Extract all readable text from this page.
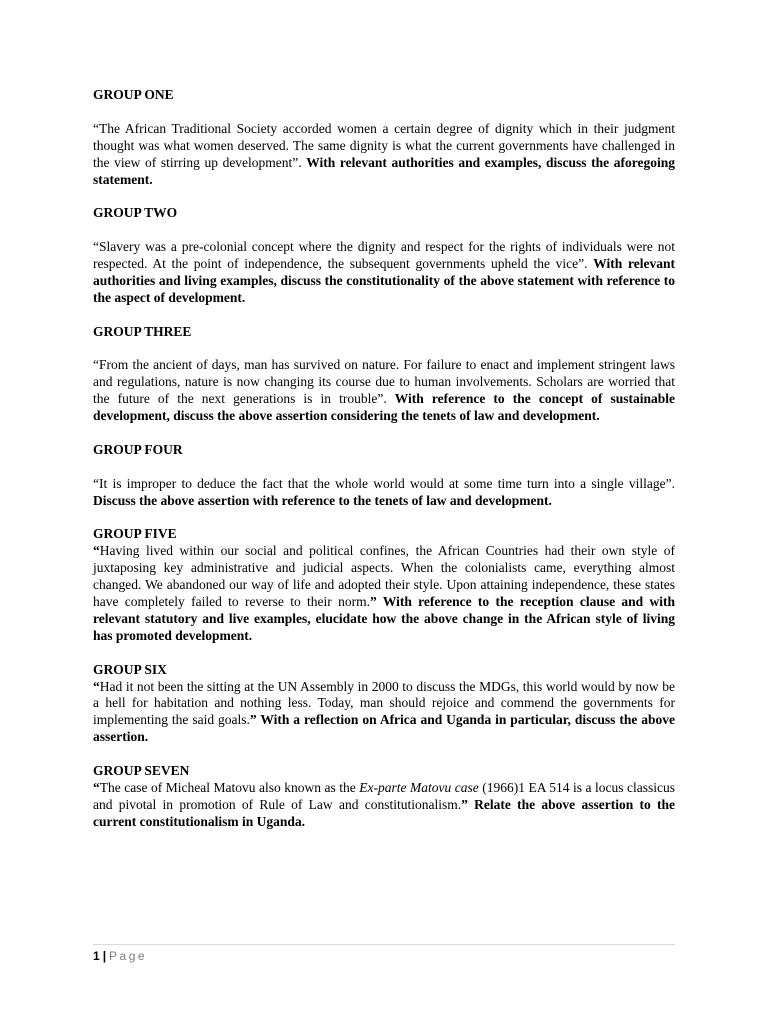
GROUP ONE

“The African Traditional Society accorded women a certain degree of dignity which in their judgment thought was what women deserved. The same dignity is what the current governments have challenged in the view of stirring up development”. With relevant authorities and examples, discuss the aforegoing statement.

GROUP TWO

“Slavery was a pre-colonial concept where the dignity and respect for the rights of individuals were not respected. At the point of independence, the subsequent governments upheld the vice”. With relevant authorities and living examples, discuss the constitutionality of the above statement with reference to the aspect of development.

GROUP THREE

“From the ancient of days, man has survived on nature. For failure to enact and implement stringent laws and regulations, nature is now changing its course due to human involvements. Scholars are worried that the future of the next generations is in trouble”. With reference to the concept of sustainable development, discuss the above assertion considering the tenets of law and development.

GROUP FOUR

“It is improper to deduce the fact that the whole world would at some time turn into a single village”. Discuss the above assertion with reference to the tenets of law and development.

GROUP FIVE

“Having lived within our social and political confines, the African Countries had their own style of juxtaposing key administrative and judicial aspects. When the colonialists came, everything almost changed. We abandoned our way of life and adopted their style. Upon attaining independence, these states have completely failed to reverse to their norm.” With reference to the reception clause and with relevant statutory and live examples, elucidate how the above change in the African style of living has promoted development.

GROUP SIX

“Had it not been the sitting at the UN Assembly in 2000 to discuss the MDGs, this world would by now be a hell for habitation and nothing less. Today, man should rejoice and commend the governments for implementing the said goals.” With a reflection on Africa and Uganda in particular, discuss the above assertion.

GROUP SEVEN

“The case of Micheal Matovu also known as the Ex-parte Matovu case (1966)1 EA 514 is a locus classicus and pivotal in promotion of Rule of Law and constitutionalism.” Relate the above assertion to the current constitutionalism in Uganda.

1 | Page
